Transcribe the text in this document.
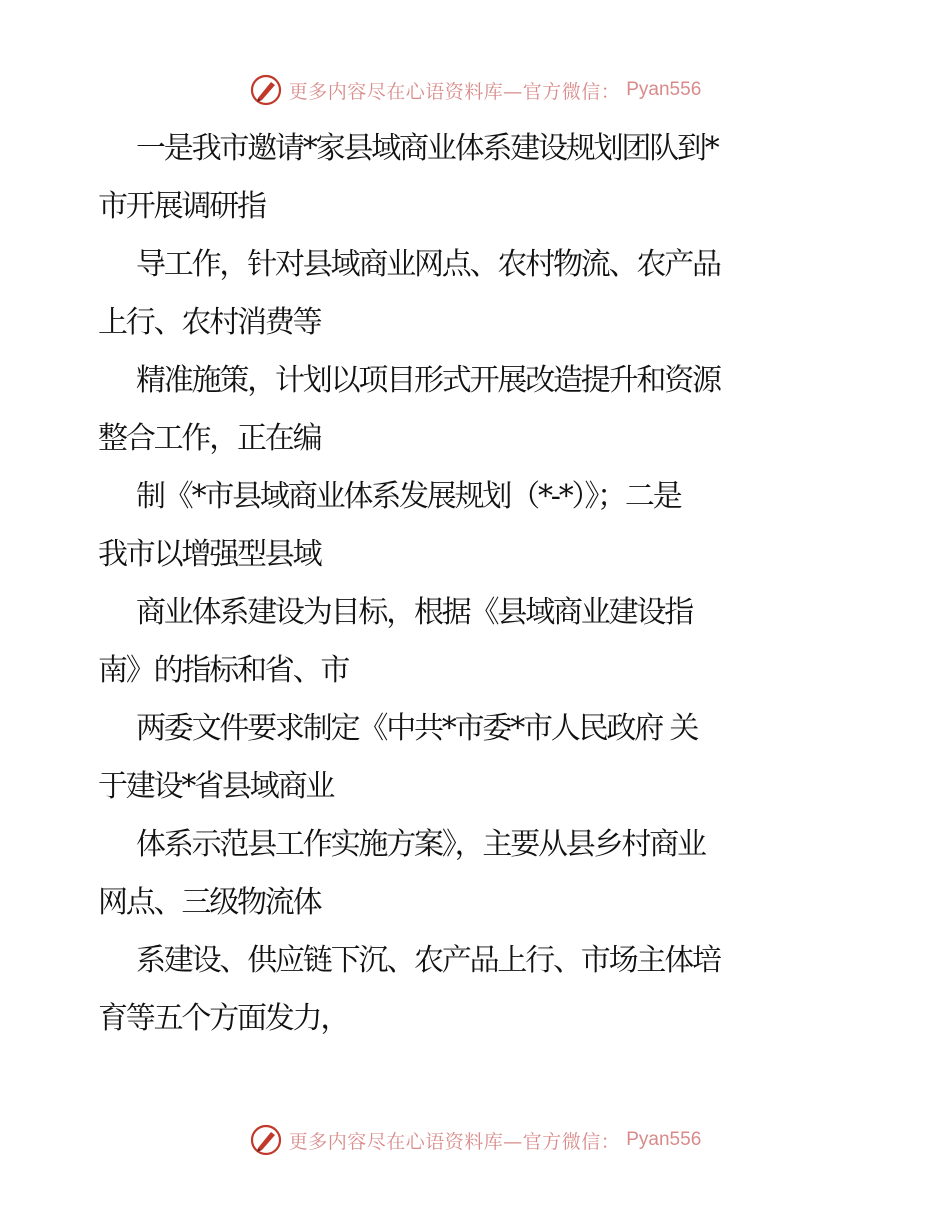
更多内容尽在心语资料库—官方微信： Pyan556
一是我市邀请*家县域商业体系建设规划团队到*
市开展调研指
导工作，针对县域商业网点、农村物流、农产品
上行、农村消费等
精准施策，计划以项目形式开展改造提升和资源
整合工作，正在编
制《*市县域商业体系发展规划（*-*）》；二是
我市以增强型县域
商业体系建设为目标，根据《县域商业建设指
南》的指标和省、市
两委文件要求制定《中共*市委*市人民政府 关
于建设*省县域商业
体系示范县工作实施方案》，主要从县乡村商业
网点、三级物流体
系建设、供应链下沉、农产品上行、市场主体培
育等五个方面发力，
更多内容尽在心语资料库—官方微信： Pyan556
